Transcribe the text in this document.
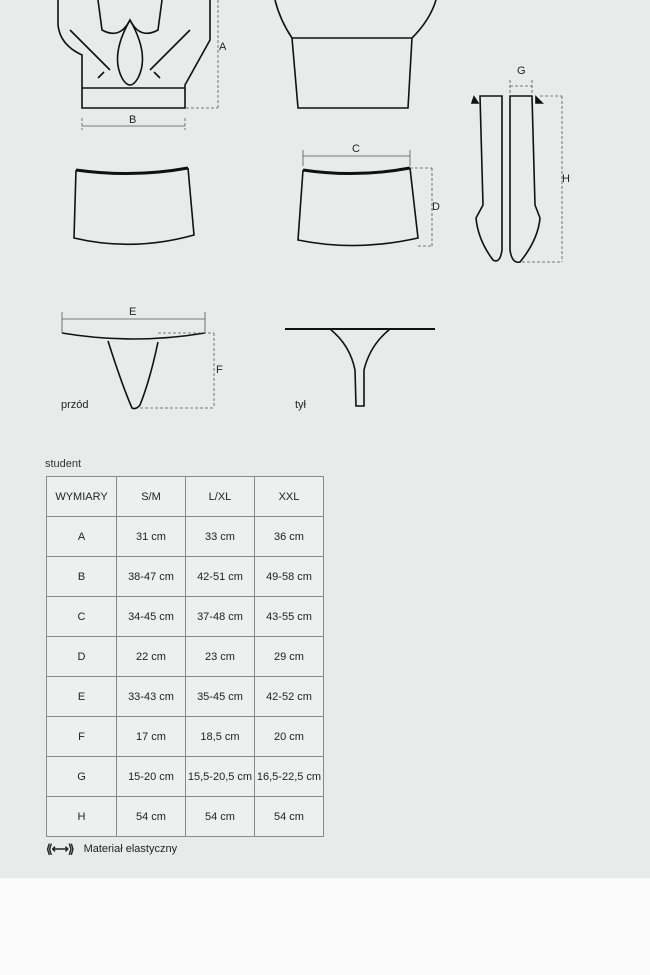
A
B
C
D
E
F
G
H
przód	tył
student
WYMIARY	S/M	L/XL	XXL
A	31 cm	33 cm	36 cm
B	38-47 cm	42-51 cm	49-58 cm
C	34-45 cm	37-48 cm	43-55 cm
D	22 cm	23 cm	29 cm
E	33-43 cm	35-45 cm	42-52 cm
F	17 cm	18,5 cm	20 cm
G	15-20 cm	15,5-20,5 cm	16,5-22,5 cm
H	54 cm	54 cm	54 cm
⟪⟷⟫ Materiał elastyczny
